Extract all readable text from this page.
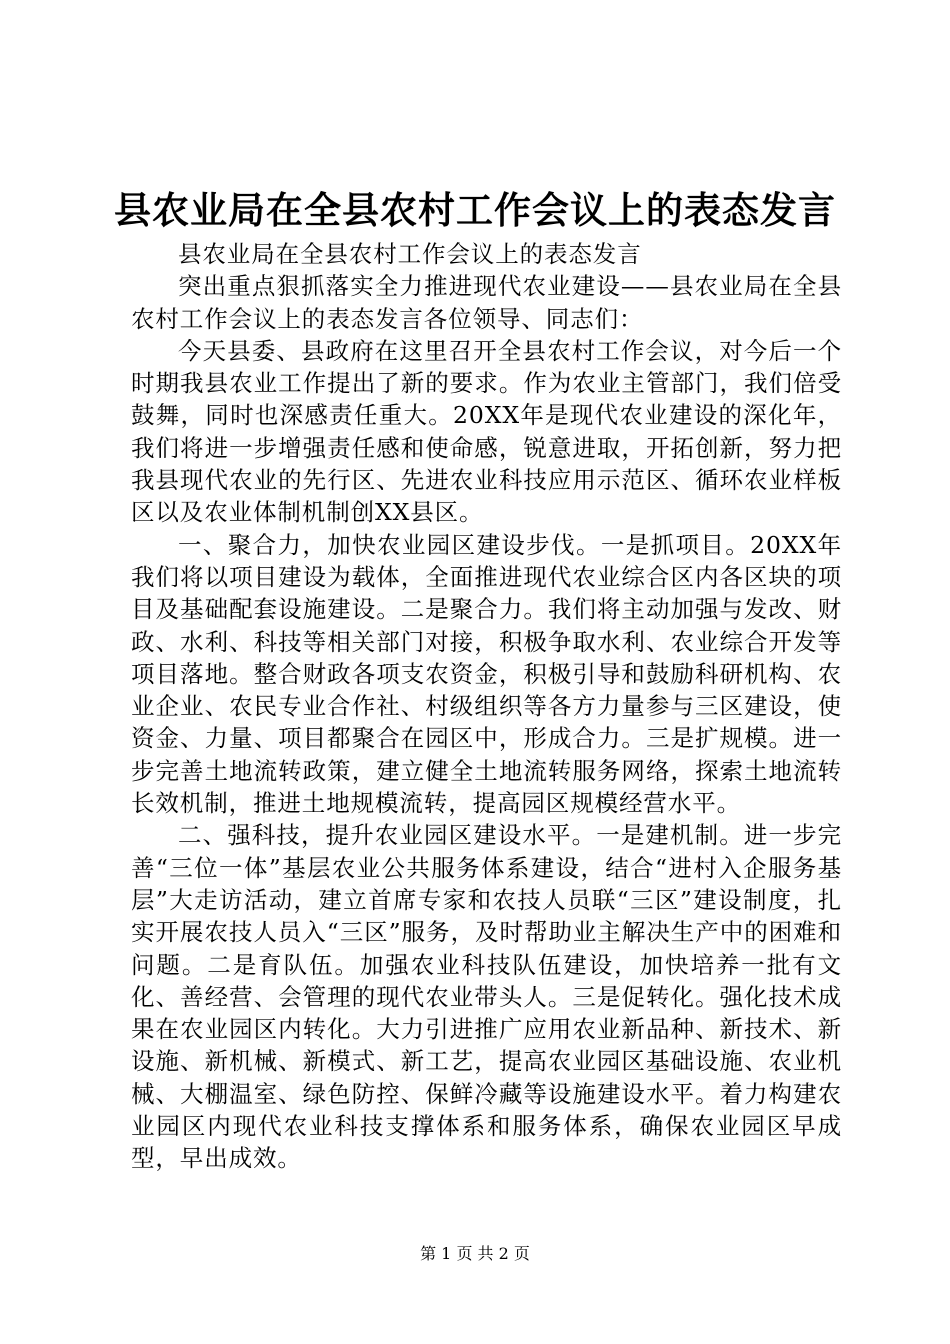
县农业局在全县农村工作会议上的表态发言

县农业局在全县农村工作会议上的表态发言

突出重点狠抓落实全力推进现代农业建设——县农业局在全县农村工作会议上的表态发言各位领导、同志们：

今天县委、县政府在这里召开全县农村工作会议，对今后一个时期我县农业工作提出了新的要求。作为农业主管部门，我们倍受鼓舞，同时也深感责任重大。20XX年是现代农业建设的深化年，我们将进一步增强责任感和使命感，锐意进取，开拓创新，努力把我县现代农业的先行区、先进农业科技应用示范区、循环农业样板区以及农业体制机制创XX县区。

一、聚合力，加快农业园区建设步伐。一是抓项目。20XX年我们将以项目建设为载体，全面推进现代农业综合区内各区块的项目及基础配套设施建设。二是聚合力。我们将主动加强与发改、财政、水利、科技等相关部门对接，积极争取水利、农业综合开发等项目落地。整合财政各项支农资金，积极引导和鼓励科研机构、农业企业、农民专业合作社、村级组织等各方力量参与三区建设，使资金、力量、项目都聚合在园区中，形成合力。三是扩规模。进一步完善土地流转政策，建立健全土地流转服务网络，探索土地流转长效机制，推进土地规模流转，提高园区规模经营水平。

二、强科技，提升农业园区建设水平。一是建机制。进一步完善“三位一体”基层农业公共服务体系建设，结合“进村入企服务基层”大走访活动，建立首席专家和农技人员联“三区”建设制度，扎实开展农技人员入“三区”服务，及时帮助业主解决生产中的困难和问题。二是育队伍。加强农业科技队伍建设，加快培养一批有文化、善经营、会管理的现代农业带头人。三是促转化。强化技术成果在农业园区内转化。大力引进推广应用农业新品种、新技术、新设施、新机械、新模式、新工艺，提高农业园区基础设施、农业机械、大棚温室、绿色防控、保鲜冷藏等设施建设水平。着力构建农业园区内现代农业科技支撑体系和服务体系，确保农业园区早成型，早出成效。

第 1 页 共 2 页
